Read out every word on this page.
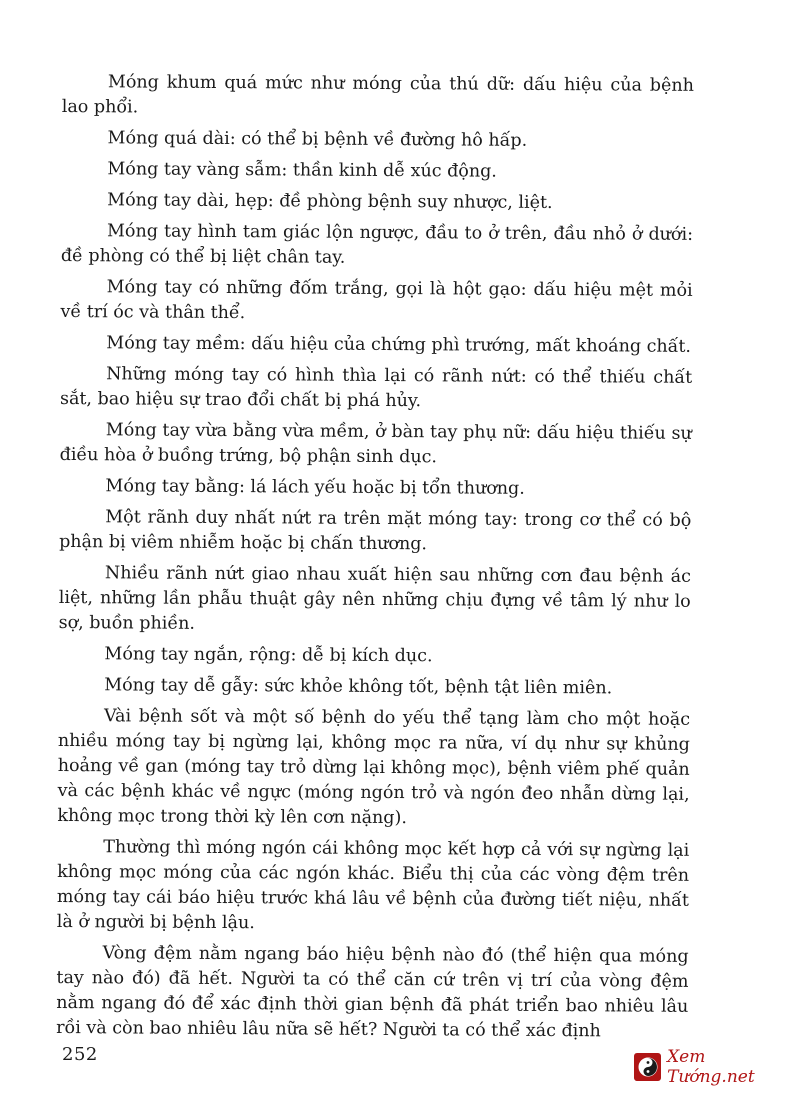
Móng khum quá mức như móng của thú dữ: dấu hiệu của bệnh lao phổi.

Móng quá dài: có thể bị bệnh về đường hô hấp.

Móng tay vàng sẫm: thần kinh dễ xúc động.

Móng tay dài, hẹp: đề phòng bệnh suy nhược, liệt.

Móng tay hình tam giác lộn ngược, đầu to ở trên, đầu nhỏ ở dưới: đề phòng có thể bị liệt chân tay.

Móng tay có những đốm trắng, gọi là hột gạo: dấu hiệu mệt mỏi về trí óc và thân thể.

Móng tay mềm: dấu hiệu của chứng phì trướng, mất khoáng chất.

Những móng tay có hình thìa lại có rãnh nứt: có thể thiếu chất sắt, bao hiệu sự trao đổi chất bị phá hủy.

Móng tay vừa bằng vừa mềm, ở bàn tay phụ nữ: dấu hiệu thiếu sự điều hòa ở buồng trứng, bộ phận sinh dục.

Móng tay bằng: lá lách yếu hoặc bị tổn thương.

Một rãnh duy nhất nứt ra trên mặt móng tay: trong cơ thể có bộ phận bị viêm nhiễm hoặc bị chấn thương.

Nhiều rãnh nứt giao nhau xuất hiện sau những cơn đau bệnh ác liệt, những lần phẫu thuật gây nên những chịu đựng về tâm lý như lo sợ, buồn phiền.

Móng tay ngắn, rộng: dễ bị kích dục.

Móng tay dễ gẫy: sức khỏe không tốt, bệnh tật liên miên.

Vài bệnh sốt và một số bệnh do yếu thể tạng làm cho một hoặc nhiều móng tay bị ngừng lại, không mọc ra nữa, ví dụ như sự khủng hoảng về gan (móng tay trỏ dừng lại không mọc), bệnh viêm phế quản và các bệnh khác về ngực (móng ngón trỏ và ngón đeo nhẫn dừng lại, không mọc trong thời kỳ lên cơn nặng).

Thường thì móng ngón cái không mọc kết hợp cả với sự ngừng lại không mọc móng của các ngón khác. Biểu thị của các vòng đệm trên móng tay cái báo hiệu trước khá lâu về bệnh của đường tiết niệu, nhất là ở người bị bệnh lậu.

Vòng đệm nằm ngang báo hiệu bệnh nào đó (thể hiện qua móng tay nào đó) đã hết. Người ta có thể căn cứ trên vị trí của vòng đệm nằm ngang đó để xác định thời gian bệnh đã phát triển bao nhiêu lâu rồi và còn bao nhiêu lâu nữa sẽ hết? Người ta có thể xác định

252	Xem Tướng.net
